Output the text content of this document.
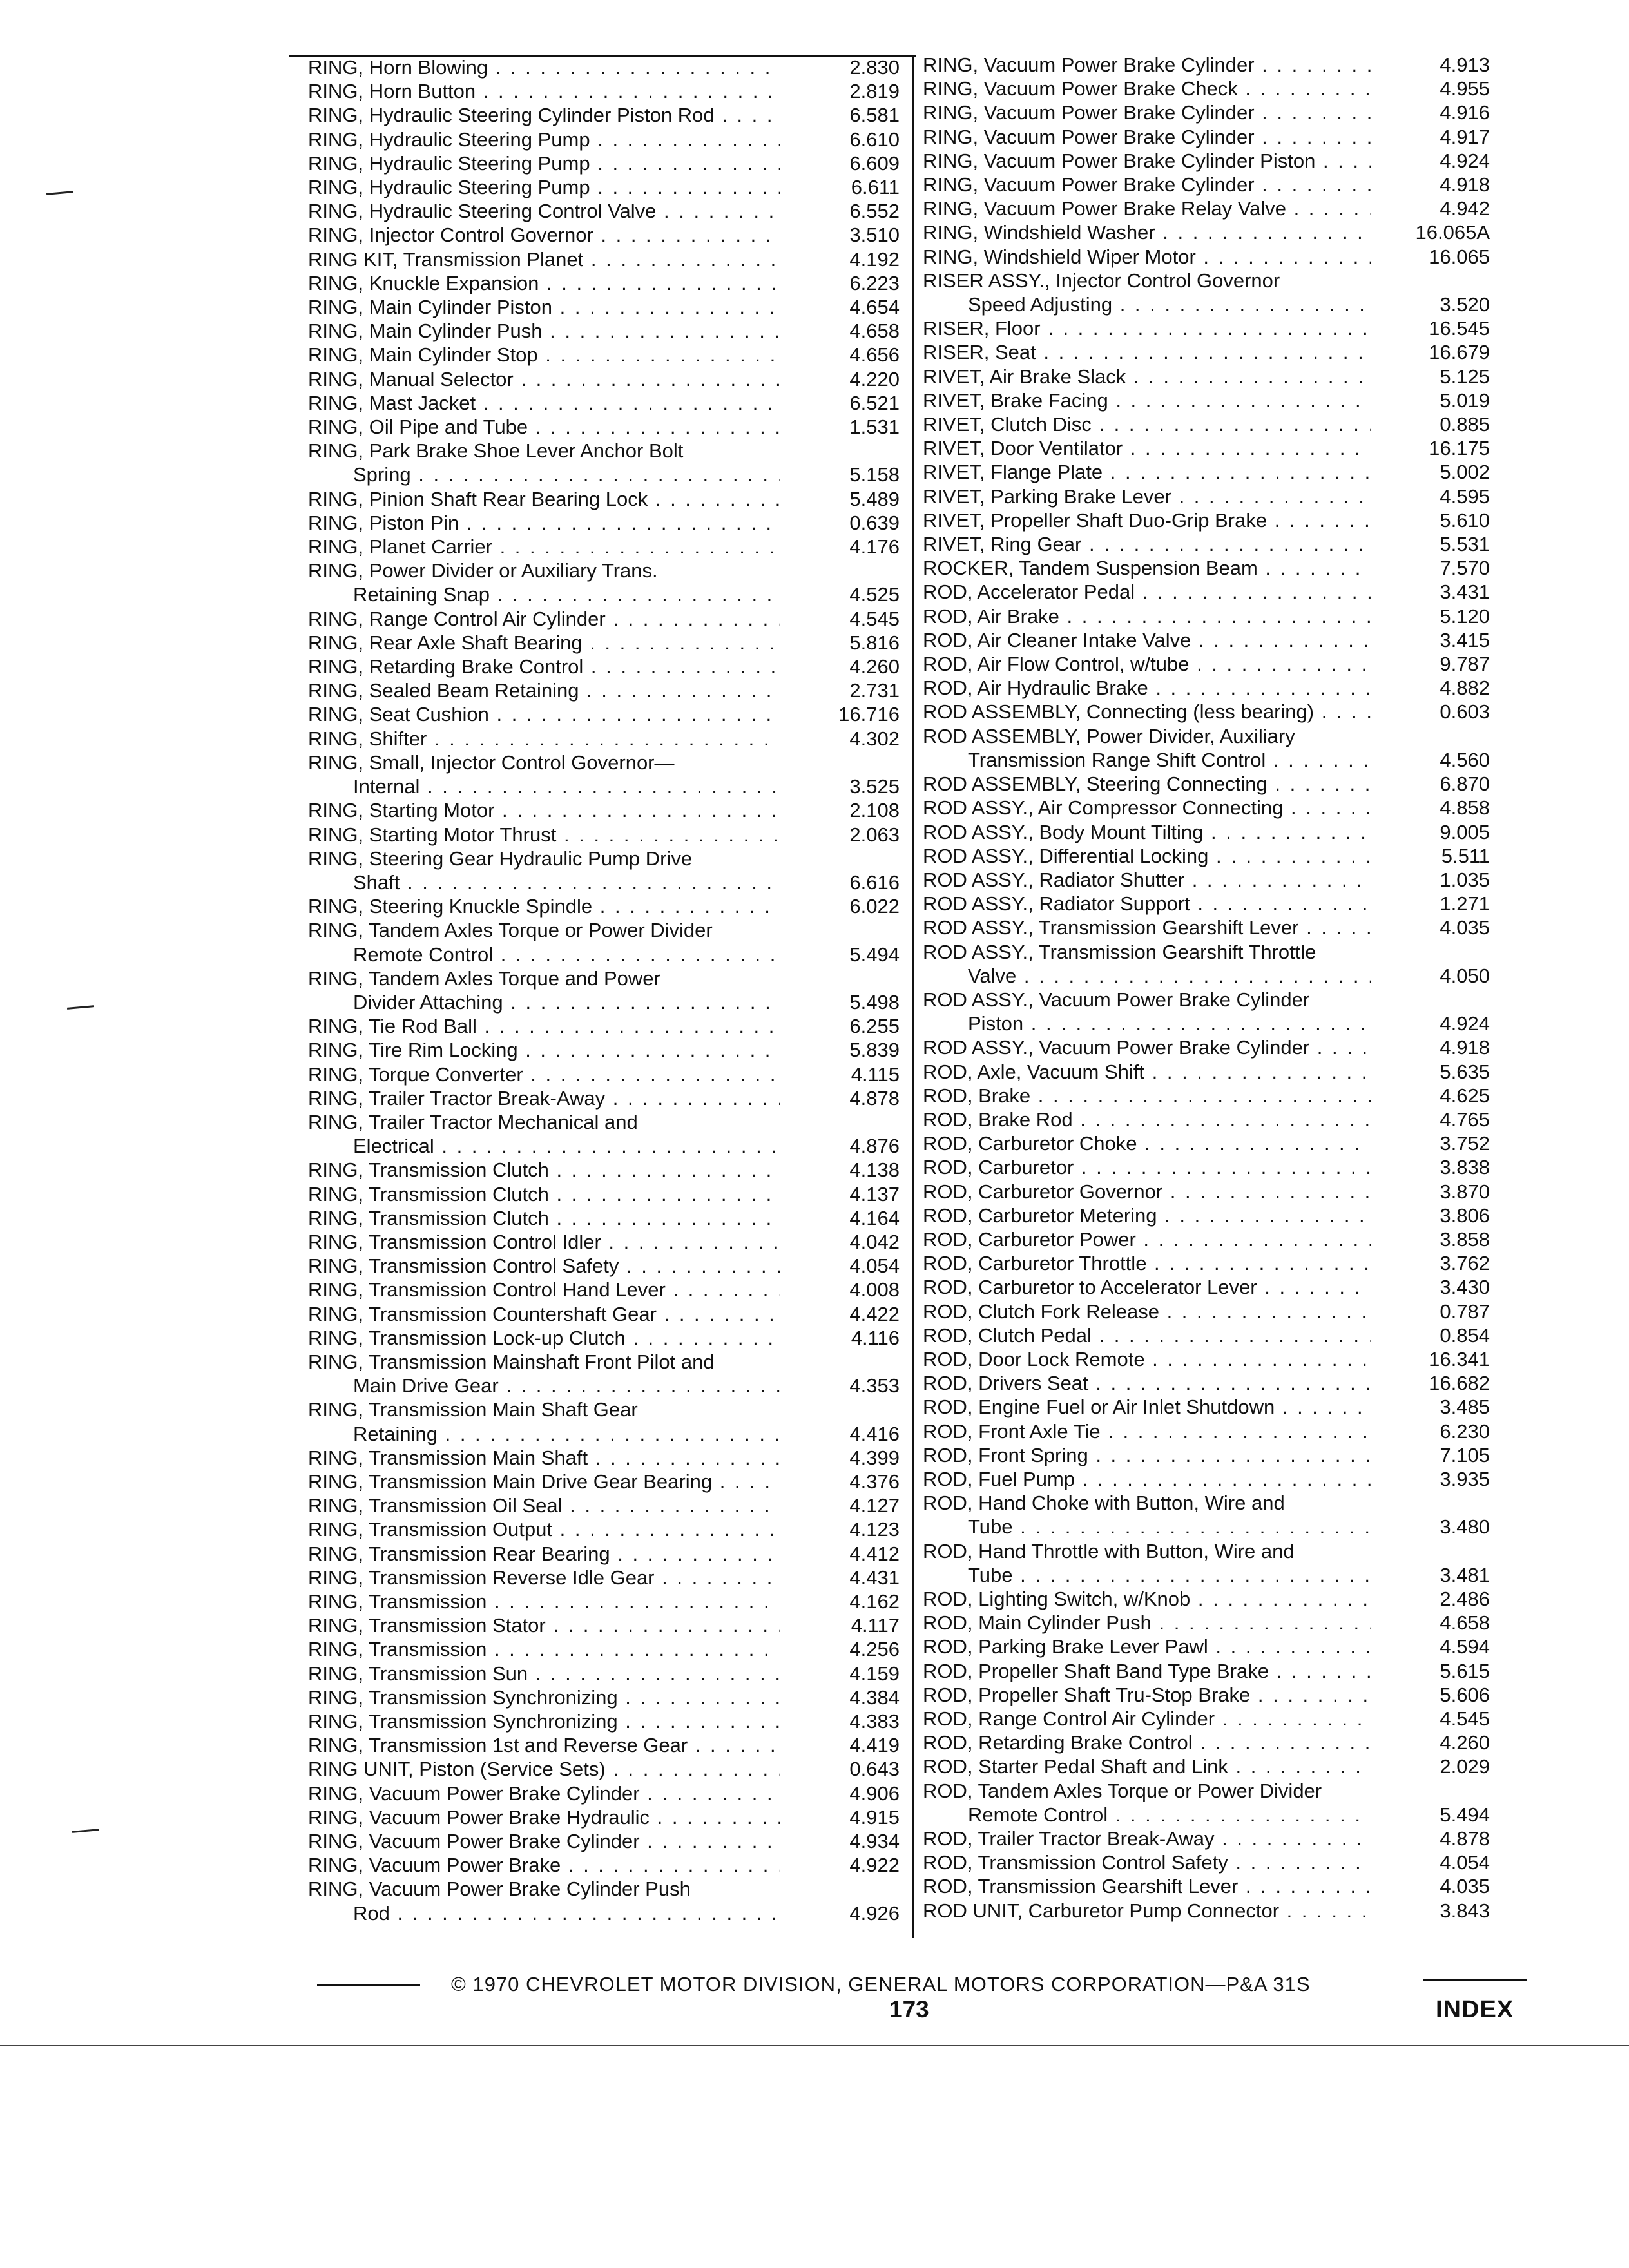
RING, Horn Blowing . . .	2.830
RING, Horn Button . . .	2.819
RING, Hydraulic Steering Cylinder Piston Rod . . .	6.581
RING, Hydraulic Steering Pump . . .	6.610
RING, Hydraulic Steering Pump . . .	6.609
RING, Hydraulic Steering Pump . . .	6.611
RING, Hydraulic Steering Control Valve . . .	6.552
RING, Injector Control Governor . . .	3.510
RING KIT, Transmission Planet . . .	4.192
RING, Knuckle Expansion . . .	6.223
RING, Main Cylinder Piston . . .	4.654
RING, Main Cylinder Push . . .	4.658
RING, Main Cylinder Stop . . .	4.656
RING, Manual Selector . . .	4.220
RING, Mast Jacket . . .	6.521
RING, Oil Pipe and Tube . . .	1.531
RING, Park Brake Shoe Lever Anchor Bolt
Spring . . .	5.158
RING, Pinion Shaft Rear Bearing Lock . . .	5.489
RING, Piston Pin . . .	0.639
RING, Planet Carrier . . .	4.176
RING, Power Divider or Auxiliary Trans.
Retaining Snap . . .	4.525
RING, Range Control Air Cylinder . . .	4.545
RING, Rear Axle Shaft Bearing . . .	5.816
RING, Retarding Brake Control . . .	4.260
RING, Sealed Beam Retaining . . .	2.731
RING, Seat Cushion . . .	16.716
RING, Shifter . . .	4.302
RING, Small, Injector Control Governor—
Internal . . .	3.525
RING, Starting Motor . . .	2.108
RING, Starting Motor Thrust . . .	2.063
RING, Steering Gear Hydraulic Pump Drive
Shaft . . .	6.616
RING, Steering Knuckle Spindle . . .	6.022
RING, Tandem Axles Torque or Power Divider
Remote Control . . .	5.494
RING, Tandem Axles Torque and Power
Divider Attaching . . .	5.498
RING, Tie Rod Ball . . .	6.255
RING, Tire Rim Locking . . .	5.839
RING, Torque Converter . . .	4.115
RING, Trailer Tractor Break-Away . . .	4.878
RING, Trailer Tractor Mechanical and
Electrical . . .	4.876
RING, Transmission Clutch . . .	4.138
RING, Transmission Clutch . . .	4.137
RING, Transmission Clutch . . .	4.164
RING, Transmission Control Idler . . .	4.042
RING, Transmission Control Safety . . .	4.054
RING, Transmission Control Hand Lever . . .	4.008
RING, Transmission Countershaft Gear . . .	4.422
RING, Transmission Lock-up Clutch . . .	4.116
RING, Transmission Mainshaft Front Pilot and
Main Drive Gear . . .	4.353
RING, Transmission Main Shaft Gear
Retaining . . .	4.416
RING, Transmission Main Shaft . . .	4.399
RING, Transmission Main Drive Gear Bearing . . .	4.376
RING, Transmission Oil Seal . . .	4.127
RING, Transmission Output . . .	4.123
RING, Transmission Rear Bearing . . .	4.412
RING, Transmission Reverse Idle Gear . . .	4.431
RING, Transmission . . .	4.162
RING, Transmission Stator . . .	4.117
RING, Transmission . . .	4.256
RING, Transmission Sun . . .	4.159
RING, Transmission Synchronizing . . .	4.384
RING, Transmission Synchronizing . . .	4.383
RING, Transmission 1st and Reverse Gear . . .	4.419
RING UNIT, Piston (Service Sets) . . .	0.643
RING, Vacuum Power Brake Cylinder . . .	4.906
RING, Vacuum Power Brake Hydraulic . . .	4.915
RING, Vacuum Power Brake Cylinder . . .	4.934
RING, Vacuum Power Brake . . .	4.922
RING, Vacuum Power Brake Cylinder Push
Rod . . .	4.926
RING, Vacuum Power Brake Cylinder . . .	4.913
RING, Vacuum Power Brake Check . . .	4.955
RING, Vacuum Power Brake Cylinder . . .	4.916
RING, Vacuum Power Brake Cylinder . . .	4.917
RING, Vacuum Power Brake Cylinder Piston . . .	4.924
RING, Vacuum Power Brake Cylinder . . .	4.918
RING, Vacuum Power Brake Relay Valve . . .	4.942
RING, Windshield Washer . . .	16.065A
RING, Windshield Wiper Motor . . .	16.065
RISER ASSY., Injector Control Governor
Speed Adjusting . . .	3.520
RISER, Floor . . .	16.545
RISER, Seat . . .	16.679
RIVET, Air Brake Slack . . .	5.125
RIVET, Brake Facing . . .	5.019
RIVET, Clutch Disc . . .	0.885
RIVET, Door Ventilator . . .	16.175
RIVET, Flange Plate . . .	5.002
RIVET, Parking Brake Lever . . .	4.595
RIVET, Propeller Shaft Duo-Grip Brake . . .	5.610
RIVET, Ring Gear . . .	5.531
ROCKER, Tandem Suspension Beam . . .	7.570
ROD, Accelerator Pedal . . .	3.431
ROD, Air Brake . . .	5.120
ROD, Air Cleaner Intake Valve . . .	3.415
ROD, Air Flow Control, w/tube . . .	9.787
ROD, Air Hydraulic Brake . . .	4.882
ROD ASSEMBLY, Connecting (less bearing) . . .	0.603
ROD ASSEMBLY, Power Divider, Auxiliary
Transmission Range Shift Control . . .	4.560
ROD ASSEMBLY, Steering Connecting . . .	6.870
ROD ASSY., Air Compressor Connecting . . .	4.858
ROD ASSY., Body Mount Tilting . . .	9.005
ROD ASSY., Differential Locking . . .	5.511
ROD ASSY., Radiator Shutter . . .	1.035
ROD ASSY., Radiator Support . . .	1.271
ROD ASSY., Transmission Gearshift Lever . . .	4.035
ROD ASSY., Transmission Gearshift Throttle
Valve . . .	4.050
ROD ASSY., Vacuum Power Brake Cylinder
Piston . . .	4.924
ROD ASSY., Vacuum Power Brake Cylinder . . .	4.918
ROD, Axle, Vacuum Shift . . .	5.635
ROD, Brake . . .	4.625
ROD, Brake Rod . . .	4.765
ROD, Carburetor Choke . . .	3.752
ROD, Carburetor . . .	3.838
ROD, Carburetor Governor . . .	3.870
ROD, Carburetor Metering . . .	3.806
ROD, Carburetor Power . . .	3.858
ROD, Carburetor Throttle . . .	3.762
ROD, Carburetor to Accelerator Lever . . .	3.430
ROD, Clutch Fork Release . . .	0.787
ROD, Clutch Pedal . . .	0.854
ROD, Door Lock Remote . . .	16.341
ROD, Drivers Seat . . .	16.682
ROD, Engine Fuel or Air Inlet Shutdown . . .	3.485
ROD, Front Axle Tie . . .	6.230
ROD, Front Spring . . .	7.105
ROD, Fuel Pump . . .	3.935
ROD, Hand Choke with Button, Wire and
Tube . . .	3.480
ROD, Hand Throttle with Button, Wire and
Tube . . .	3.481
ROD, Lighting Switch, w/Knob . . .	2.486
ROD, Main Cylinder Push . . .	4.658
ROD, Parking Brake Lever Pawl . . .	4.594
ROD, Propeller Shaft Band Type Brake . . .	5.615
ROD, Propeller Shaft Tru-Stop Brake . . .	5.606
ROD, Range Control Air Cylinder . . .	4.545
ROD, Retarding Brake Control . . .	4.260
ROD, Starter Pedal Shaft and Link . . .	2.029
ROD, Tandem Axles Torque or Power Divider
Remote Control . . .	5.494
ROD, Trailer Tractor Break-Away . . .	4.878
ROD, Transmission Control Safety . . .	4.054
ROD, Transmission Gearshift Lever . . .	4.035
ROD UNIT, Carburetor Pump Connector . . .	3.843
© 1970 CHEVROLET MOTOR DIVISION, GENERAL MOTORS CORPORATION—P&A 31S
173	INDEX
